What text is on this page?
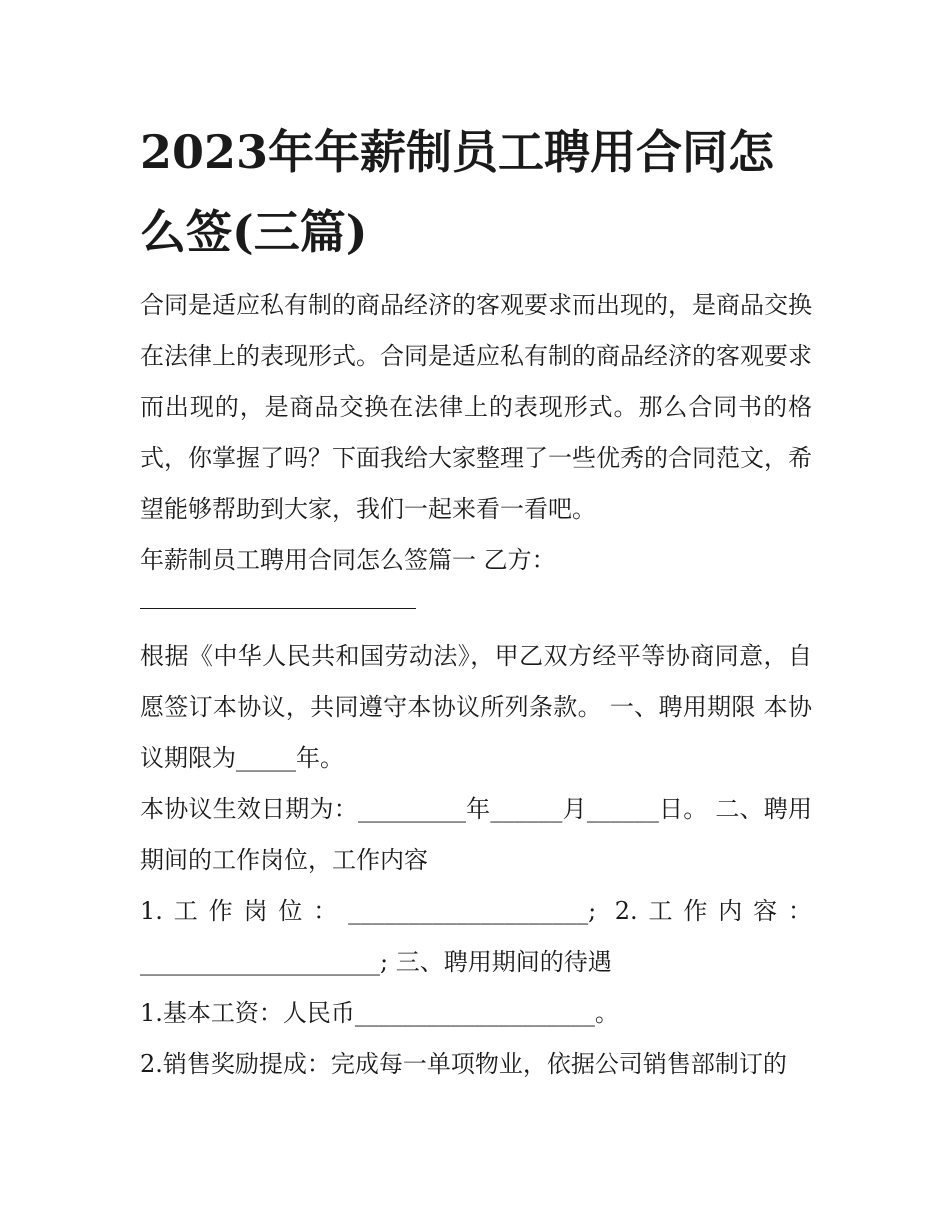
2023年年薪制员工聘用合同怎么签(三篇)

合同是适应私有制的商品经济的客观要求而出现的，是商品交换在法律上的表现形式。合同是适应私有制的商品经济的客观要求而出现的，是商品交换在法律上的表现形式。那么合同书的格式，你掌握了吗？下面我给大家整理了一些优秀的合同范文，希望能够帮助到大家，我们一起来看一看吧。

年薪制员工聘用合同怎么签篇一 乙方：

根据《中华人民共和国劳动法》，甲乙双方经平等协商同意，自愿签订本协议，共同遵守本协议所列条款。 一、聘用期限 本协议期限为_____年。

本协议生效日期为：_________年______月______日。 二、聘用期间的工作岗位，工作内容

1.工作岗位：____________________; 2.工作内容：____________________; 三、聘用期间的待遇

1.基本工资：人民币____________________。

2.销售奖励提成：完成每一单项物业，依据公司销售部制订的
